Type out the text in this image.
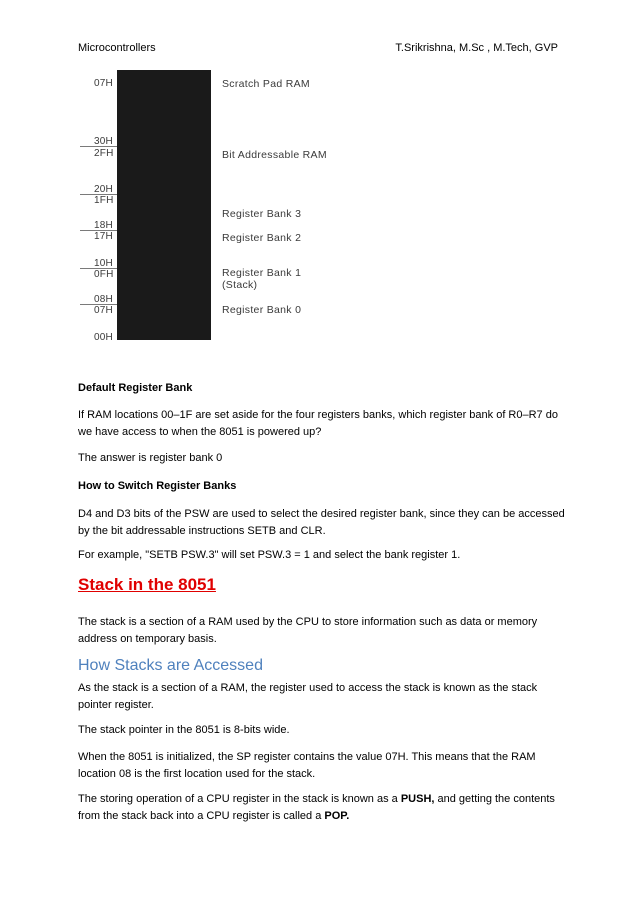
Microcontrollers	T.Srikrishna, M.Sc , M.Tech, GVP
07H
30H
2FH
20H
1FH
18H
17H
10H
0FH
08H
07H
00H
Scratch Pad RAM
Bit Addressable RAM
Register Bank 3
Register Bank 2
Register Bank 1
(Stack)
Register Bank 0
Default Register Bank
If RAM locations 00–1F are set aside for the four registers banks, which register bank of R0–R7 do we have access to when the 8051 is powered up?
The answer is register bank 0
How to Switch Register Banks
D4 and D3 bits of the PSW are used to select the desired register bank, since they can be accessed by the bit addressable instructions SETB and CLR.
For example, "SETB PSW.3" will set PSW.3 = 1 and select the bank register 1.
Stack in the 8051
The stack is a section of a RAM used by the CPU to store information such as data or memory address on temporary basis.
How Stacks are Accessed
As the stack is a section of a RAM, the register used to access the stack is known as the stack pointer register.
The stack pointer in the 8051 is 8-bits wide.
When the 8051 is initialized, the SP register contains the value 07H. This means that the RAM location 08 is the first location used for the stack.
The storing operation of a CPU register in the stack is known as a PUSH, and getting the contents from the stack back into a CPU register is called a POP.
